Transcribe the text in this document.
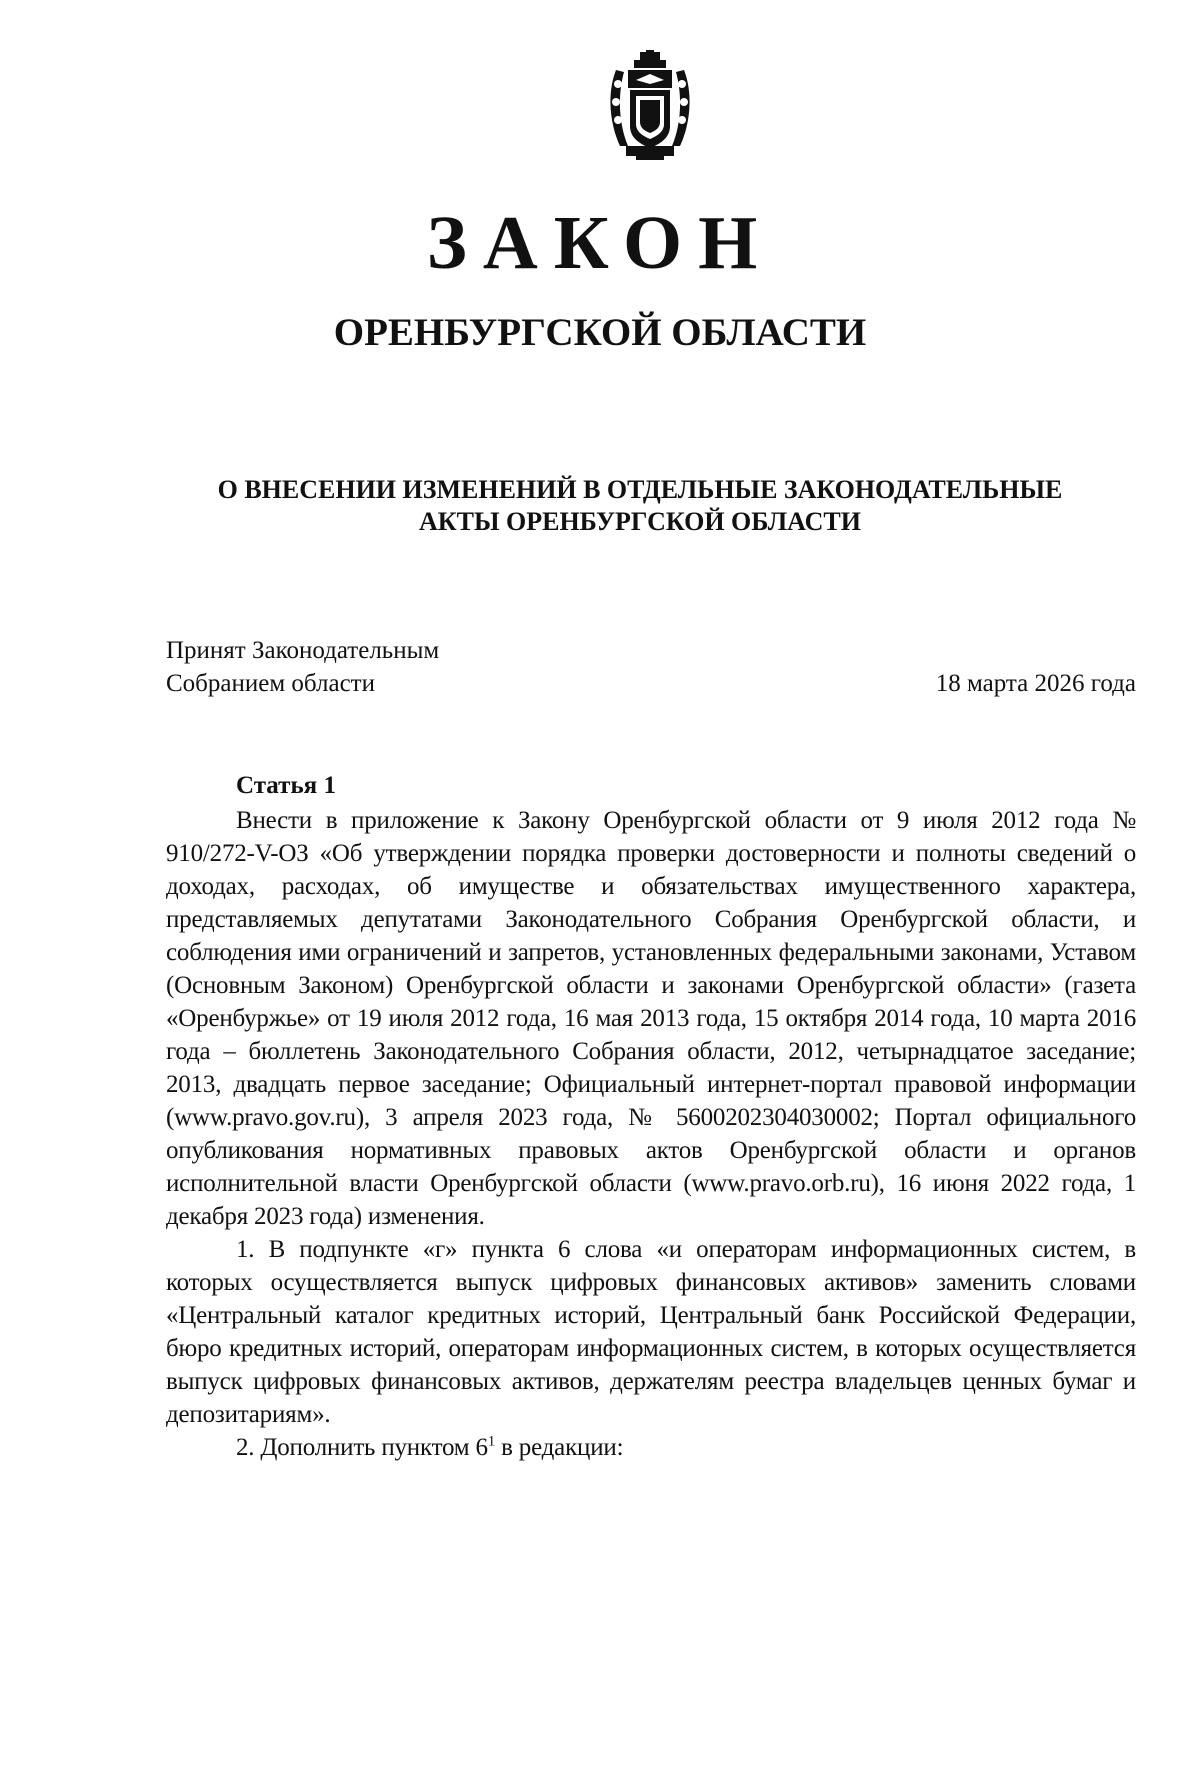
ЗАКОН
ОРЕНБУРГСКОЙ ОБЛАСТИ
О ВНЕСЕНИИ ИЗМЕНЕНИЙ В ОТДЕЛЬНЫЕ ЗАКОНОДАТЕЛЬНЫЕ
АКТЫ ОРЕНБУРГСКОЙ ОБЛАСТИ
Принят Законодательным
Собранием области	18 марта 2026 года
Статья 1

Внести в приложение к Закону Оренбургской области от 9 июля 2012 года № 910/272-V-ОЗ «Об утверждении порядка проверки достоверности и полноты сведений о доходах, расходах, об имуществе и обязательствах имущественного характера, представляемых депутатами Законодательного Собрания Оренбургской области, и соблюдения ими ограничений и запретов, установленных федеральными законами, Уставом (Основным Законом) Оренбургской области и законами Оренбургской области» (газета «Оренбуржье» от 19 июля 2012 года, 16 мая 2013 года, 15 октября 2014 года, 10 марта 2016 года – бюллетень Законодательного Собрания области, 2012, четырнадцатое заседание; 2013, двадцать первое заседание; Официальный интернет-портал правовой информации (www.pravo.gov.ru), 3 апреля 2023 года, № 5600202304030002; Портал официального опубликования нормативных правовых актов Оренбургской области и органов исполнительной власти Оренбургской области (www.pravo.orb.ru), 16 июня 2022 года, 1 декабря 2023 года) изменения.

1. В подпункте «г» пункта 6 слова «и операторам информационных систем, в которых осуществляется выпуск цифровых финансовых активов» заменить словами «Центральный каталог кредитных историй, Центральный банк Российской Федерации, бюро кредитных историй, операторам информационных систем, в которых осуществляется выпуск цифровых финансовых активов, держателям реестра владельцев ценных бумаг и депозитариям».

2. Дополнить пунктом $6^1$ в редакции:
